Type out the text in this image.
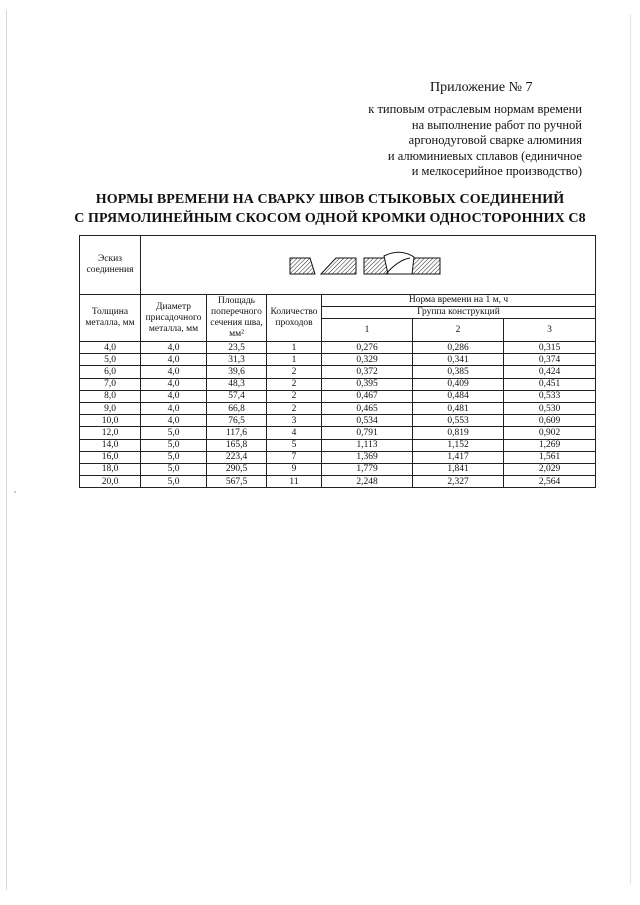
Приложение № 7
к типовым отраслевым нормам времени
на выполнение работ по ручной
аргонодуговой сварке алюминия
и алюминиевых сплавов (единичное
и мелкосерийное производство)
НОРМЫ ВРЕМЕНИ НА СВАРКУ ШВОВ СТЫКОВЫХ СОЕДИНЕНИЙ
С ПРЯМОЛИНЕЙНЫМ СКОСОМ ОДНОЙ КРОМКИ ОДНОСТОРОННИХ С8
Эскиз соединения	

Толщина металла, мм	Диаметр присадочного металла, мм	Площадь поперечного сечения шва, мм²	Количество проходов	Норма времени на 1 м, ч		
				Группа конструкций		
				1	2	3
4,0	4,0	23,5	1	0,276	0,286	0,315
5,0	4,0	31,3	1	0,329	0,341	0,374
6,0	4,0	39,6	2	0,372	0,385	0,424
7,0	4,0	48,3	2	0,395	0,409	0,451
8,0	4,0	57,4	2	0,467	0,484	0,533
9,0	4,0	66,8	2	0,465	0,481	0,530
10,0	4,0	76,5	3	0,534	0,553	0,609
12,0	5,0	117,6	4	0,791	0,819	0,902
14,0	5,0	165,8	5	1,113	1,152	1,269
16,0	5,0	223,4	7	1,369	1,417	1,561
18,0	5,0	290,5	9	1,779	1,841	2,029
20,0	5,0	567,5	11	2,248	2,327	2,564
